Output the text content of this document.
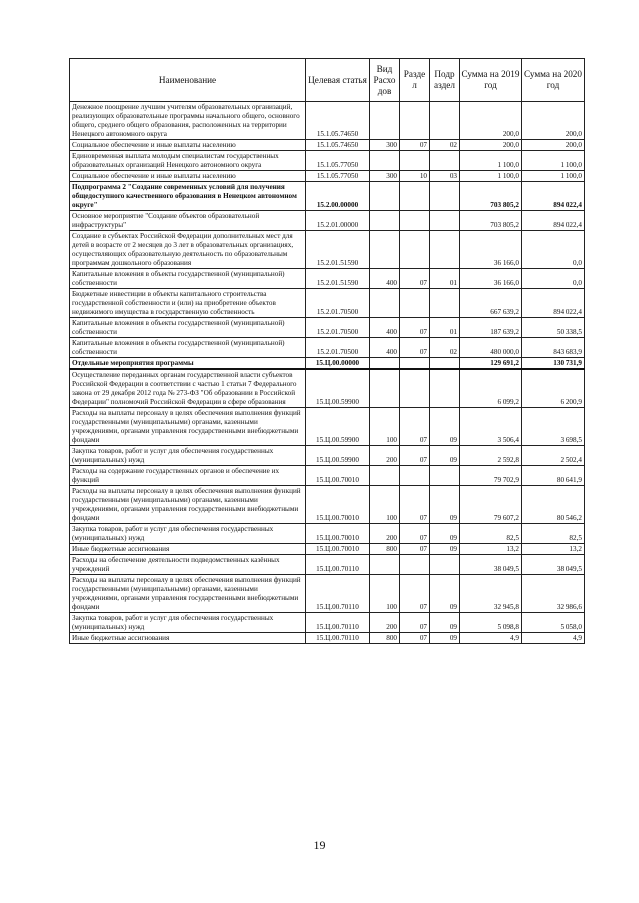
Наименование	Целевая статья	Вид Расхо дов	Разде л	Подр аздел	Сумма на 2019 год	Сумма на 2020 год
Денежное поощрение лучшим учителям образовательных организаций, реализующих образовательные программы начального общего, основного общего, среднего общего образования, расположенных на территории Ненецкого автономного округа	15.1.05.74650				200,0	200,0
Социальное обеспечение и иные выплаты населению	15.1.05.74650	300	07	02	200,0	200,0
Единовременная выплата молодым специалистам государственных образовательных организаций Ненецкого автономного округа	15.1.05.77050				1 100,0	1 100,0
Социальное обеспечение и иные выплаты населению	15.1.05.77050	300	10	03	1 100,0	1 100,0
Подпрограмма 2 "Создание современных условий для получения общедоступного качественного образования в Ненецком автономном округе"	15.2.00.00000				703 805,2	894 022,4
Основное мероприятие "Создание объектов образовательной инфраструктуры"	15.2.01.00000				703 805,2	894 022,4
Создание в субъектах Российской Федерации дополнительных мест для детей в возрасте от 2 месяцев до 3 лет в образовательных организациях, осуществляющих образовательную деятельность по образовательным программам дошкольного образования	15.2.01.51590				36 166,0	0,0
Капитальные вложения в объекты государственной (муниципальной) собственности	15.2.01.51590	400	07	01	36 166,0	0,0
Бюджетные инвестиции в объекты капитального строительства государственной собственности и (или) на приобретение объектов недвижимого имущества в государственную собственность	15.2.01.70500				667 639,2	894 022,4
Капитальные вложения в объекты государственной (муниципальной) собственности	15.2.01.70500	400	07	01	187 639,2	50 338,5
Капитальные вложения в объекты государственной (муниципальной) собственности	15.2.01.70500	400	07	02	480 000,0	843 683,9
Отдельные мероприятия программы	15.Ц.00.00000				129 691,2	130 731,9
Осуществление переданных органам государственной власти субъектов Российской Федерации в соответствии с частью 1 статьи 7 Федерального закона от 29 декабря 2012 года № 273-ФЗ "Об образовании в Российской Федерации" полномочий Российской Федерации в сфере образования	15.Ц.00.59900				6 099,2	6 200,9
Расходы на выплаты персоналу в целях обеспечения выполнения функций государственными (муниципальными) органами, казенными учреждениями, органами управления государственными внебюджетными фондами	15.Ц.00.59900	100	07	09	3 506,4	3 698,5
Закупка товаров, работ и услуг для обеспечения государственных (муниципальных) нужд	15.Ц.00.59900	200	07	09	2 592,8	2 502,4
Расходы на содержание государственных органов и обеспечение их функций	15.Ц.00.70010				79 702,9	80 641,9
Расходы на выплаты персоналу в целях обеспечения выполнения функций государственными (муниципальными) органами, казенными учреждениями, органами управления государственными внебюджетными фондами	15.Ц.00.70010	100	07	09	79 607,2	80 546,2
Закупка товаров, работ и услуг для обеспечения государственных (муниципальных) нужд	15.Ц.00.70010	200	07	09	82,5	82,5
Иные бюджетные ассигнования	15.Ц.00.70010	800	07	09	13,2	13,2
Расходы на обеспечение деятельности подведомственных казённых учреждений	15.Ц.00.70110				38 049,5	38 049,5
Расходы на выплаты персоналу в целях обеспечения выполнения функций государственными (муниципальными) органами, казенными учреждениями, органами управления государственными внебюджетными фондами	15.Ц.00.70110	100	07	09	32 945,8	32 986,6
Закупка товаров, работ и услуг для обеспечения государственных (муниципальных) нужд	15.Ц.00.70110	200	07	09	5 098,8	5 058,0
Иные бюджетные ассигнования	15.Ц.00.70110	800	07	09	4,9	4,9
19
